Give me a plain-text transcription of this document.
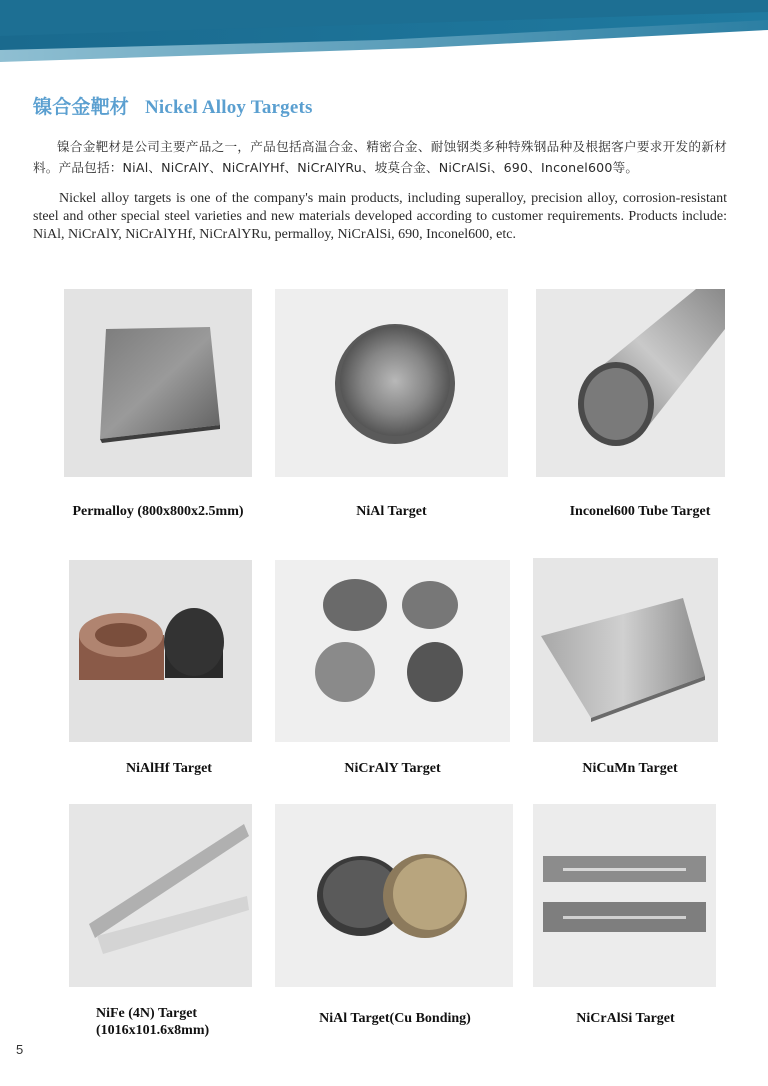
镍合金靶材 Nickel Alloy Targets

镍合金靶材是公司主要产品之一，产品包括高温合金、精密合金、耐蚀钢类多种特殊钢品种及根据客户要求开发的新材料。产品包括：NiAl、NiCrAlY、NiCrAlYHf、NiCrAlYRu、坡莫合金、NiCrAlSi、690、Inconel600等。

Nickel alloy targets is one of the company's main products, including superalloy, precision alloy, corrosion-resistant steel and other special steel varieties and new materials developed according to customer requirements. Products include: NiAl, NiCrAlY, NiCrAlYHf, NiCrAlYRu, permalloy, NiCrAlSi, 690, Inconel600, etc.

Permalloy (800x800x2.5mm)	NiAl Target	Inconel600 Tube Target
NiAlHf Target	NiCrAlY Target	NiCuMn Target
NiFe (4N) Target
(1016x101.6x8mm)
NiAl Target(Cu Bonding)	NiCrAlSi Target
5
